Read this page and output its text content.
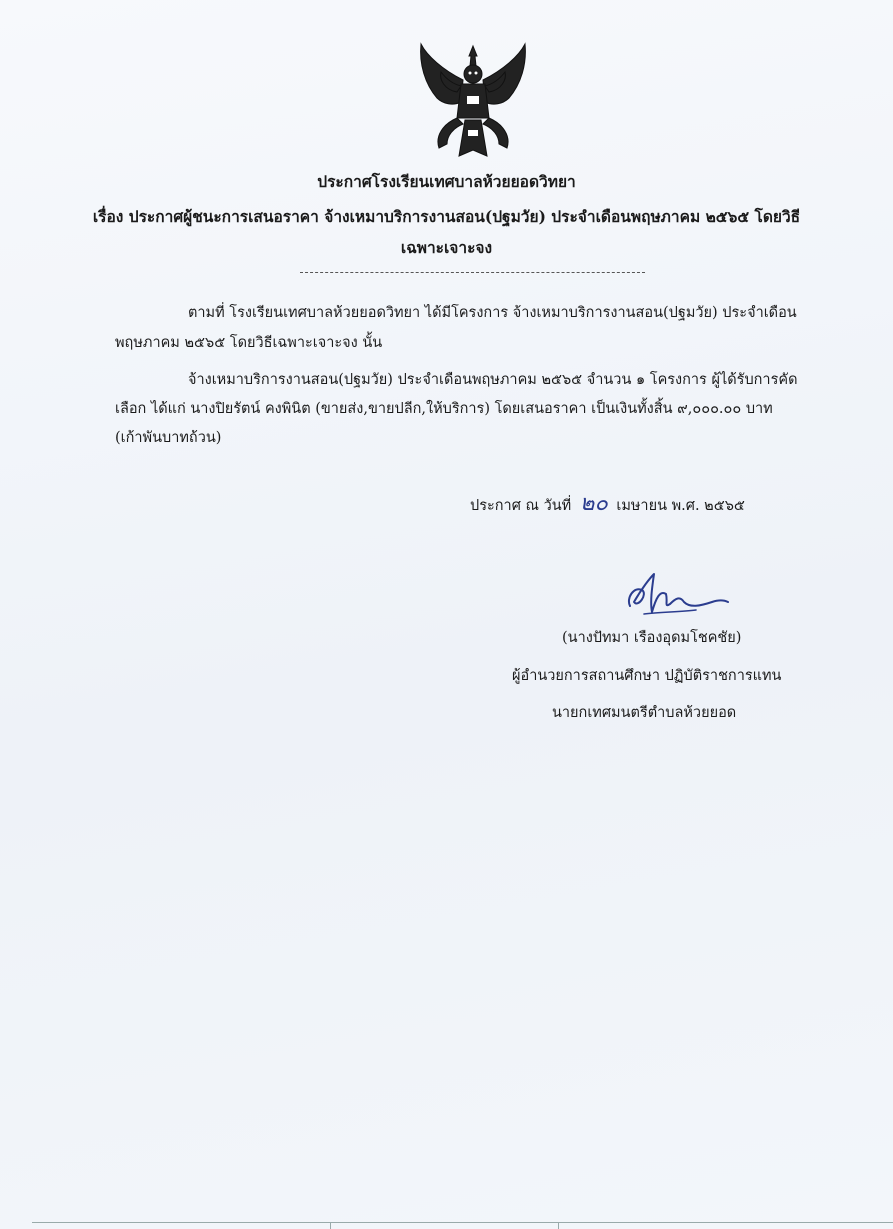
ประกาศโรงเรียนเทศบาลห้วยยอดวิทยา
เรื่อง ประกาศผู้ชนะการเสนอราคา จ้างเหมาบริการงานสอน(ปฐมวัย) ประจำเดือนพฤษภาคม ๒๕๖๕ โดยวิธี
เฉพาะเจาะจง
ตามที่ โรงเรียนเทศบาลห้วยยอดวิทยา ได้มีโครงการ จ้างเหมาบริการงานสอน(ปฐมวัย) ประจำเดือน
พฤษภาคม ๒๕๖๕ โดยวิธีเฉพาะเจาะจง นั้น
จ้างเหมาบริการงานสอน(ปฐมวัย) ประจำเดือนพฤษภาคม ๒๕๖๕ จำนวน ๑ โครงการ ผู้ได้รับการคัด
เลือก ได้แก่ นางปิยรัตน์ คงพินิต (ขายส่ง,ขายปลีก,ให้บริการ) โดยเสนอราคา เป็นเงินทั้งสิ้น ๙,๐๐๐.๐๐ บาท
(เก้าพันบาทถ้วน)
ประกาศ ณ วันที่ ๒๐ เมษายน พ.ศ. ๒๕๖๕
(นางปัทมา เรืองอุดมโชคชัย)
ผู้อำนวยการสถานศึกษา ปฏิบัติราชการแทน
นายกเทศมนตรีตำบลห้วยยอด
